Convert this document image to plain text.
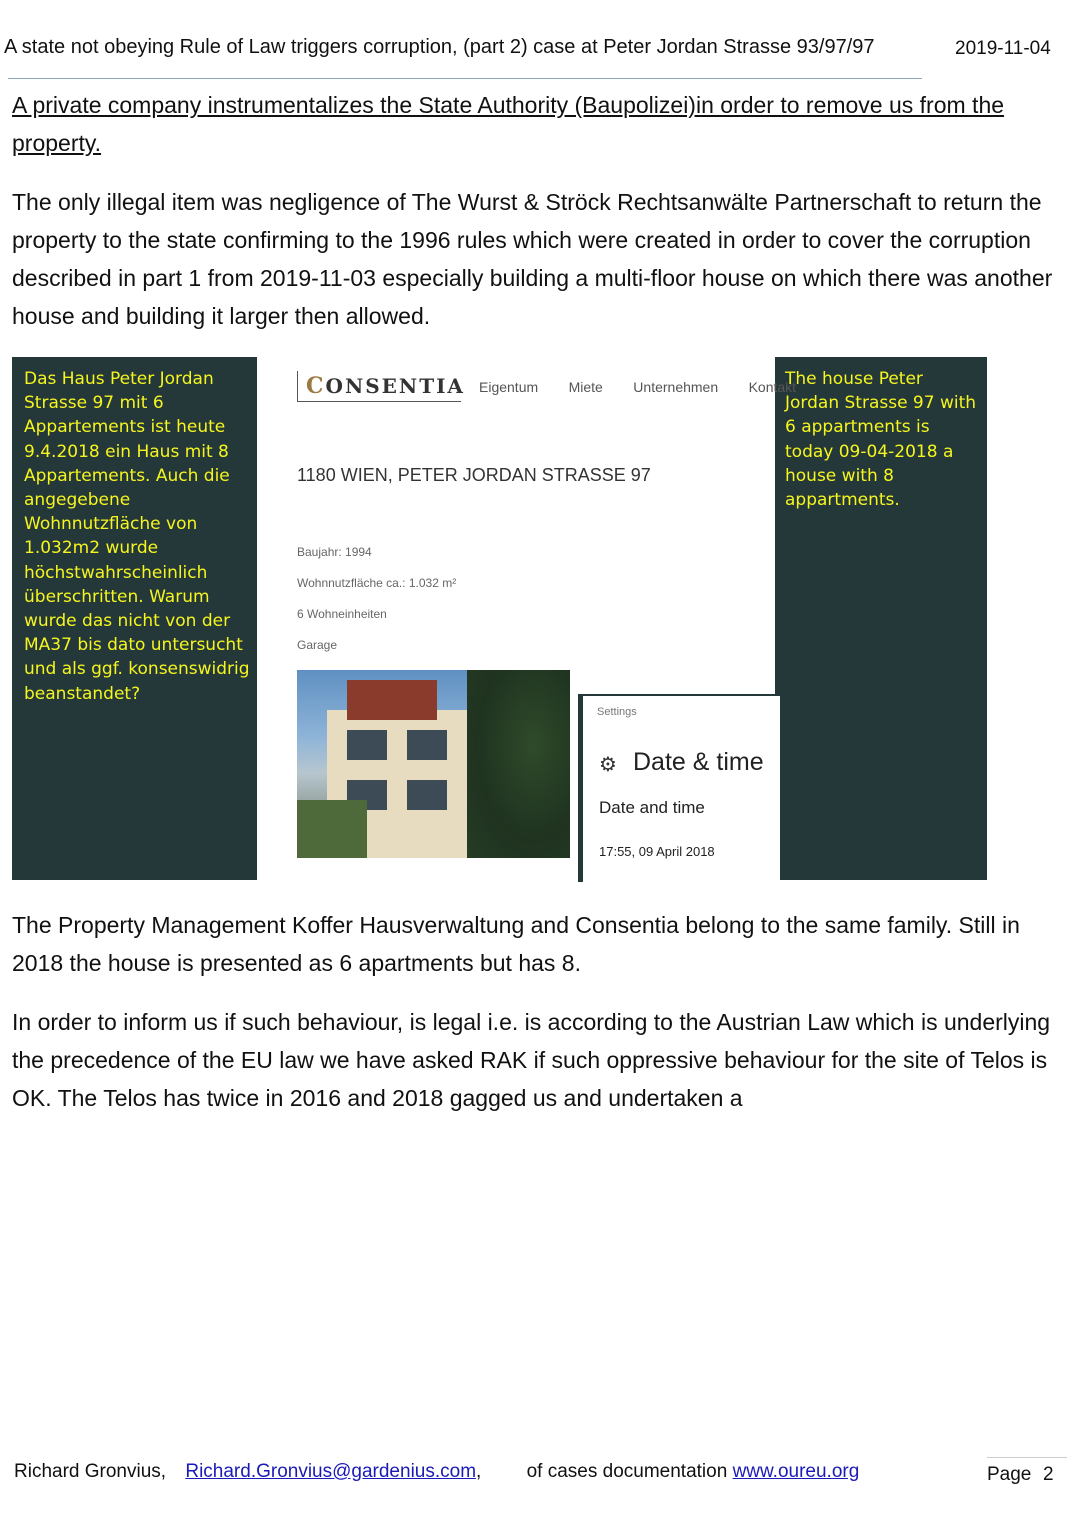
A state not obeying Rule of Law triggers corruption, (part 2) case at Peter Jordan Strasse 93/97/97	2019-11-04

A private company instrumentalizes the State Authority (Baupolizei)in order to remove us from the property.

The only illegal item was negligence of The Wurst & Ströck Rechtsanwälte Partnerschaft to return the property to the state confirming to the 1996 rules which were created in order to cover the corruption described in part 1 from 2019-11-03 especially building a multi-floor house on which there was another house and building it larger then allowed.

Das Haus Peter Jordan Strasse 97 mit 6 Appartements ist heute 9.4.2018 ein Haus mit 8 Appartements. Auch die angegebene Wohnnutzfläche von 1.032m2 wurde höchstwahrscheinlich überschritten. Warum wurde das nicht von der MA37 bis dato untersucht und als ggf. konsenswidrig beanstandet?
CONSENTIA Eigentum Miete Unternehmen Kontakt
1180 WIEN, PETER JORDAN STRASSE 97
Baujahr: 1994
Wohnnutzfläche ca.: 1.032 m²
6 Wohneinheiten
Garage
Settings
⚙ Date & time
Date and time
17:55, 09 April 2018
The house Peter Jordan Strasse 97 with 6 appartments is today 09-04-2018 a house with 8 appartments.

The Property Management Koffer Hausverwaltung and Consentia belong to the same family. Still in 2018 the house is presented as 6 apartments but has 8.

In order to inform us if such behaviour, is legal i.e. is according to the Austrian Law which is underlying the precedence of the EU law we have asked RAK if such oppressive behaviour for the site of Telos is OK. The Telos has twice in 2016 and 2018 gagged us and undertaken a

Richard Gronvius, Richard.Gronvius@gardenius.com, of cases documentation www.oureu.org	Page 2
